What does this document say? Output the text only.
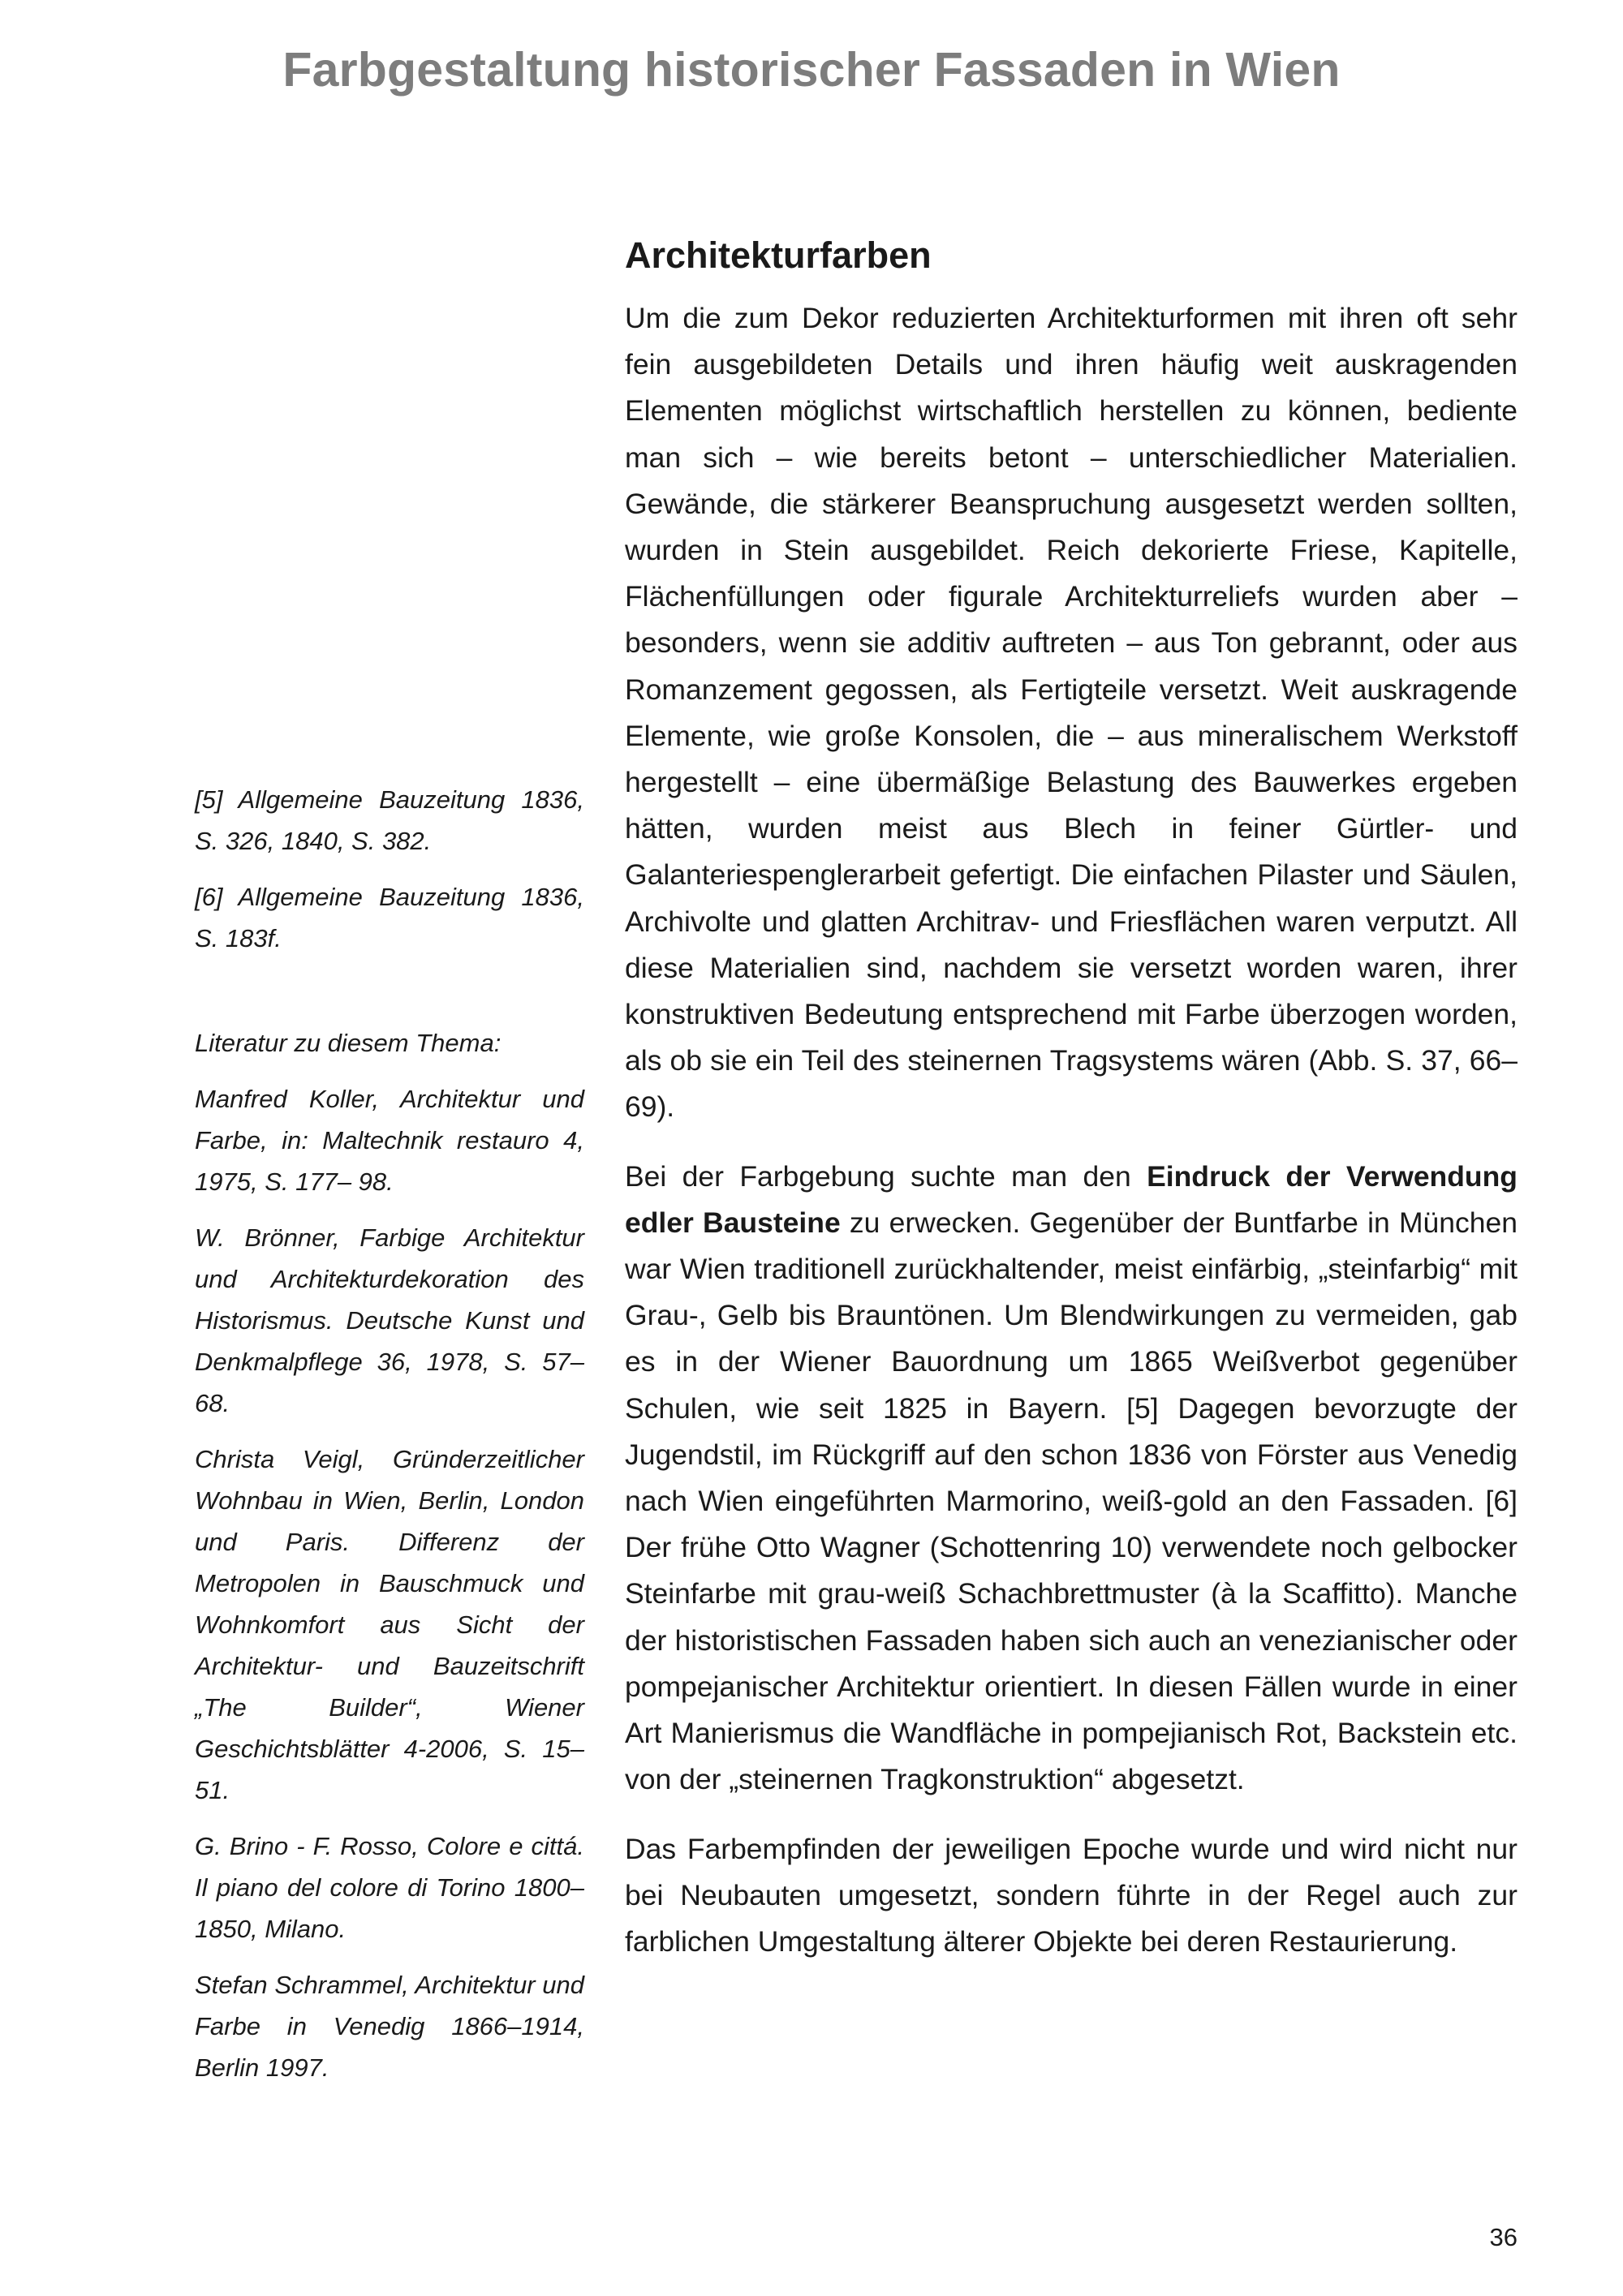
Farbgestaltung historischer Fassaden in Wien

[5] Allgemeine Bauzeitung 1836, S. 326, 1840, S. 382.

[6] Allgemeine Bauzeitung 1836, S. 183f.

Literatur zu diesem Thema:

Manfred Koller, Architektur und Farbe, in: Maltechnik restauro 4, 1975, S. 177– 98.

W. Brönner, Farbige Architektur und Architekturdekoration des Historismus. Deutsche Kunst und Denkmalpflege 36, 1978, S. 57–68.

Christa Veigl, Gründerzeitlicher Wohnbau in Wien, Berlin, London und Paris. Differenz der Metropolen in Bauschmuck und Wohnkomfort aus Sicht der Architektur- und Bauzeitschrift „The Builder“, Wiener Geschichtsblätter 4-2006, S. 15–51.

G. Brino - F. Rosso, Colore e cittá. Il piano del colore di Torino 1800–1850, Milano.

Stefan Schrammel, Architektur und Farbe in Venedig 1866–1914, Berlin 1997.

Architekturfarben

Um die zum Dekor reduzierten Architekturformen mit ihren oft sehr fein ausgebildeten Details und ihren häufig weit auskragenden Elementen möglichst wirtschaftlich herstellen zu können, bediente man sich – wie bereits betont – unterschiedlicher Materialien. Gewände, die stärkerer Beanspruchung ausgesetzt werden sollten, wurden in Stein ausgebildet. Reich dekorierte Friese, Kapitelle, Flächenfüllungen oder figurale Architekturreliefs wurden aber – besonders, wenn sie additiv auftreten – aus Ton gebrannt, oder aus Romanzement gegossen, als Fertigteile versetzt. Weit auskragende Elemente, wie große Konsolen, die – aus mineralischem Werkstoff hergestellt – eine übermäßige Belastung des Bauwerkes ergeben hätten, wurden meist aus Blech in feiner Gürtler- und Galanteriespenglerarbeit gefertigt. Die einfachen Pilaster und Säulen, Archivolte und glatten Architrav- und Friesflächen waren verputzt. All diese Materialien sind, nachdem sie versetzt worden waren, ihrer konstruktiven Bedeutung entsprechend mit Farbe überzogen worden, als ob sie ein Teil des steinernen Tragsystems wären (Abb. S. 37, 66–69).

Bei der Farbgebung suchte man den Eindruck der Verwendung edler Bausteine zu erwecken. Gegenüber der Buntfarbe in München war Wien traditionell zurückhaltender, meist einfärbig, „steinfarbig“ mit Grau-, Gelb bis Brauntönen. Um Blendwirkungen zu vermeiden, gab es in der Wiener Bauordnung um 1865 Weißverbot gegenüber Schulen, wie seit 1825 in Bayern. [5] Dagegen bevorzugte der Jugendstil, im Rückgriff auf den schon 1836 von Förster aus Venedig nach Wien eingeführten Marmorino, weiß-gold an den Fassaden. [6] Der frühe Otto Wagner (Schottenring 10) verwendete noch gelbocker Steinfarbe mit grau-weiß Schachbrettmuster (à la Scaffitto). Manche der historistischen Fassaden haben sich auch an venezianischer oder pompejanischer Architektur orientiert. In diesen Fällen wurde in einer Art Manierismus die Wandfläche in pompejianisch Rot, Backstein etc. von der „steinernen Tragkonstruktion“ abgesetzt.

Das Farbempfinden der jeweiligen Epoche wurde und wird nicht nur bei Neubauten umgesetzt, sondern führte in der Regel auch zur farblichen Umgestaltung älterer Objekte bei deren Restaurierung.

36
